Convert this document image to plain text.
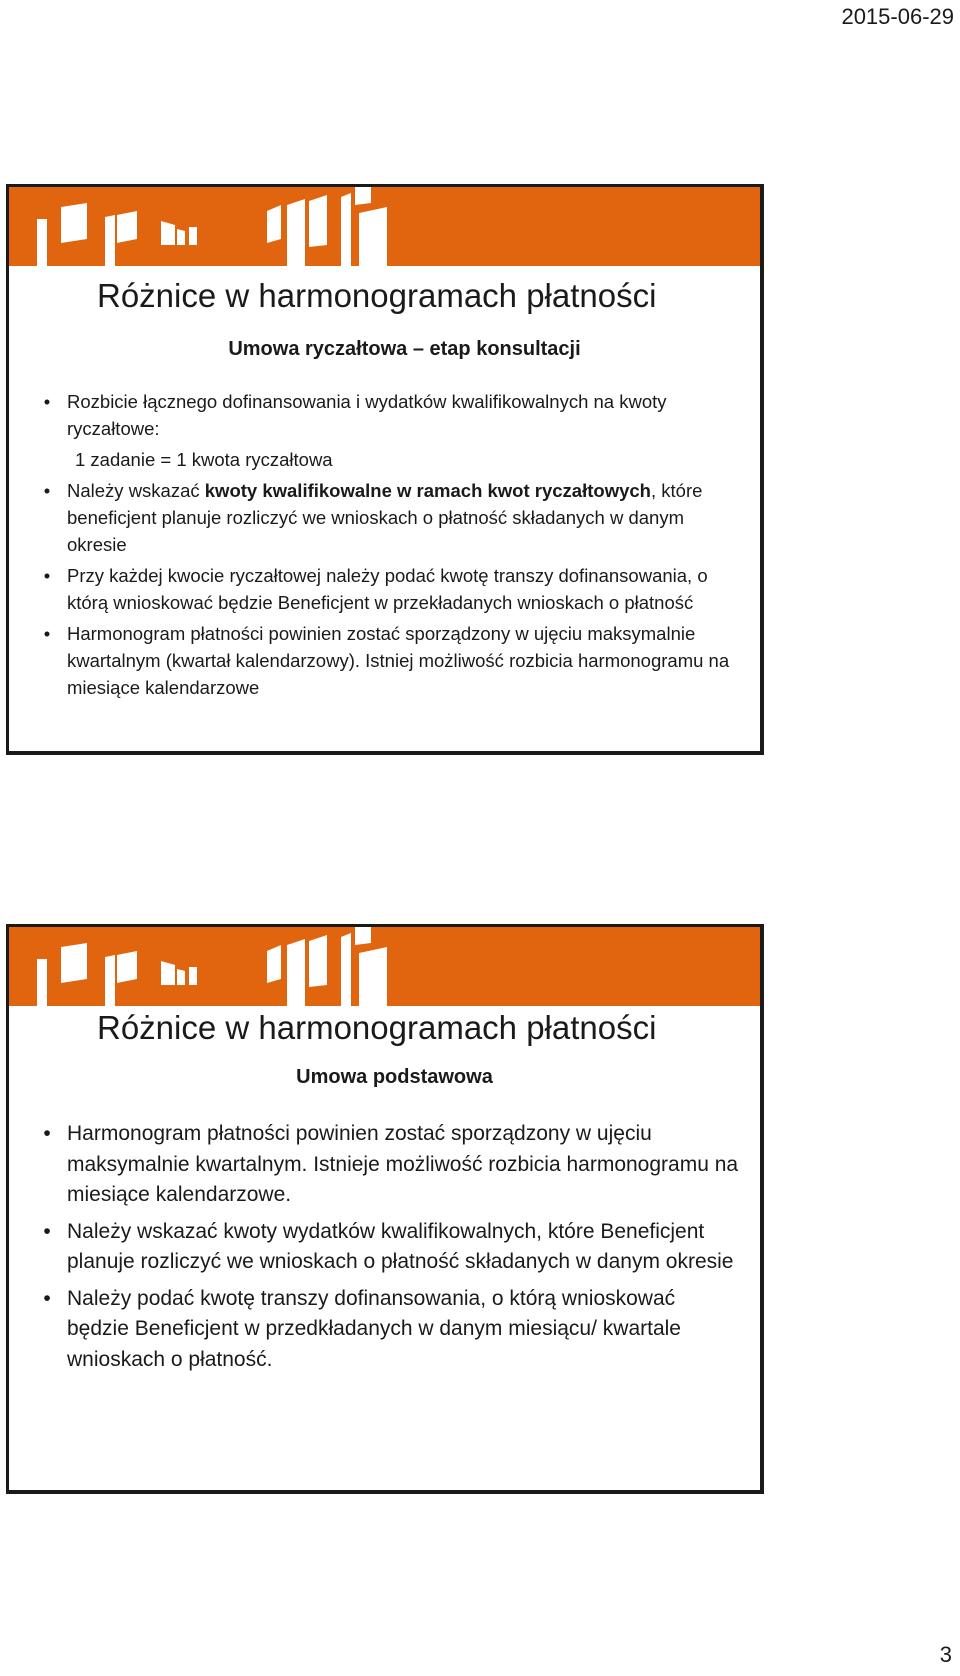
2015-06-29
Różnice w harmonogramach płatności
Umowa ryczałtowa – etap konsultacji
• Rozbicie łącznego dofinansowania i wydatków kwalifikowalnych na kwoty ryczałtowe:
1 zadanie = 1 kwota ryczałtowa
• Należy wskazać kwoty kwalifikowalne w ramach kwot ryczałtowych, które beneficjent planuje rozliczyć we wnioskach o płatność składanych w danym okresie
• Przy każdej kwocie ryczałtowej należy podać kwotę transzy dofinansowania, o którą wnioskować będzie Beneficjent w przekładanych wnioskach o płatność
• Harmonogram płatności powinien zostać sporządzony w ujęciu maksymalnie kwartalnym (kwartał kalendarzowy). Istniej możliwość rozbicia harmonogramu na miesiące kalendarzowe
Różnice w harmonogramach płatności
Umowa podstawowa
• Harmonogram płatności powinien zostać sporządzony w ujęciu maksymalnie kwartalnym. Istnieje możliwość rozbicia harmonogramu na miesiące kalendarzowe.
• Należy wskazać kwoty wydatków kwalifikowalnych, które Beneficjent planuje rozliczyć we wnioskach o płatność składanych w danym okresie
• Należy podać kwotę transzy dofinansowania, o którą wnioskować będzie Beneficjent w przedkładanych w danym miesiącu/ kwartale wnioskach o płatność.
3
